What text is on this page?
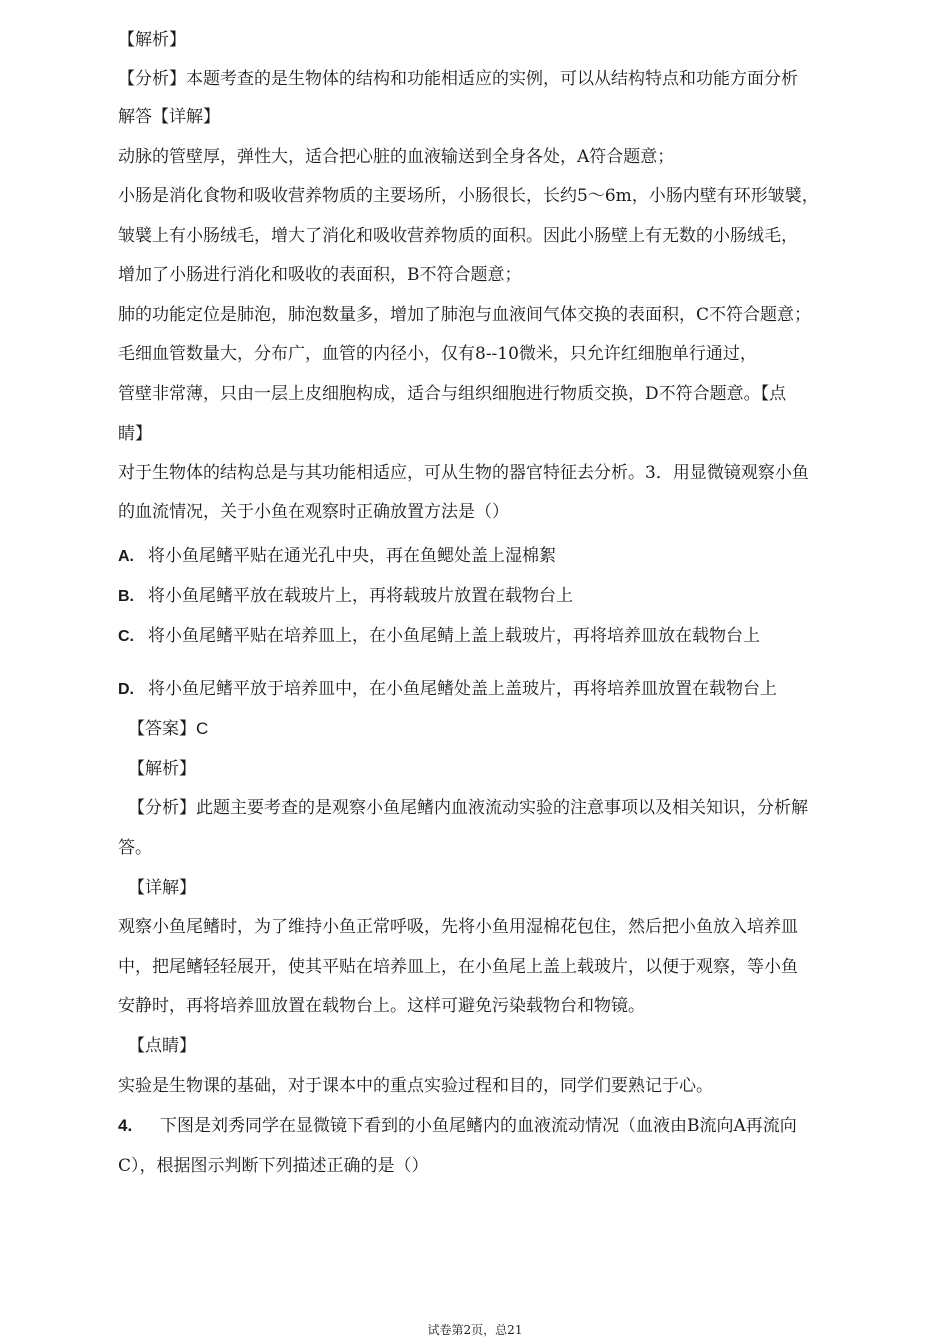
【解析】
【分析】本题考查的是生物体的结构和功能相适应的实例，可以从结构特点和功能方面分析
解答【详解】
动脉的管壁厚，弹性大，适合把心脏的血液输送到全身各处，A符合题意；
小肠是消化食物和吸收营养物质的主要场所，小肠很长，长约5～6m，小肠内壁有环形皱襞，
皱襞上有小肠绒毛，增大了消化和吸收营养物质的面积。因此小肠壁上有无数的小肠绒毛，
增加了小肠进行消化和吸收的表面积，B不符合题意；
肺的功能定位是肺泡，肺泡数量多，增加了肺泡与血液间气体交换的表面积，C不符合题意；
毛细血管数量大，分布广，血管的内径小，仅有8--10微米，只允许红细胞单行通过，
管壁非常薄，只由一层上皮细胞构成，适合与组织细胞进行物质交换，D不符合题意。【点
睛】
对于生物体的结构总是与其功能相适应，可从生物的器官特征去分析。3．用显微镜观察小鱼
的血流情况，关于小鱼在观察时正确放置方法是（）
A. 将小鱼尾鳍平贴在通光孔中央，再在鱼鳃处盖上湿棉絮
B. 将小鱼尾鳍平放在载玻片上，再将载玻片放置在载物台上
C. 将小鱼尾鳍平贴在培养皿上，在小鱼尾鲭上盖上载玻片，再将培养皿放在载物台上
D. 将小鱼尼鳍平放于培养皿中，在小鱼尾鳍处盖上盖玻片，再将培养皿放置在载物台上
【答案】C
【解析】
【分析】此题主要考查的是观察小鱼尾鳍内血液流动实验的注意事项以及相关知识，分析解
答。
【详解】
观察小鱼尾鳍时，为了维持小鱼正常呼吸，先将小鱼用湿棉花包住，然后把小鱼放入培养皿
中，把尾鳍轻轻展开，使其平贴在培养皿上，在小鱼尾上盖上载玻片，以便于观察，等小鱼
安静时，再将培养皿放置在载物台上。这样可避免污染载物台和物镜。
【点睛】
实验是生物课的基础，对于课本中的重点实验过程和目的，同学们要熟记于心。
4. 下图是刘秀同学在显微镜下看到的小鱼尾鳍内的血液流动情况（血液由B流向A再流向
C），根据图示判断下列描述正确的是（）
试卷第2页，总21
